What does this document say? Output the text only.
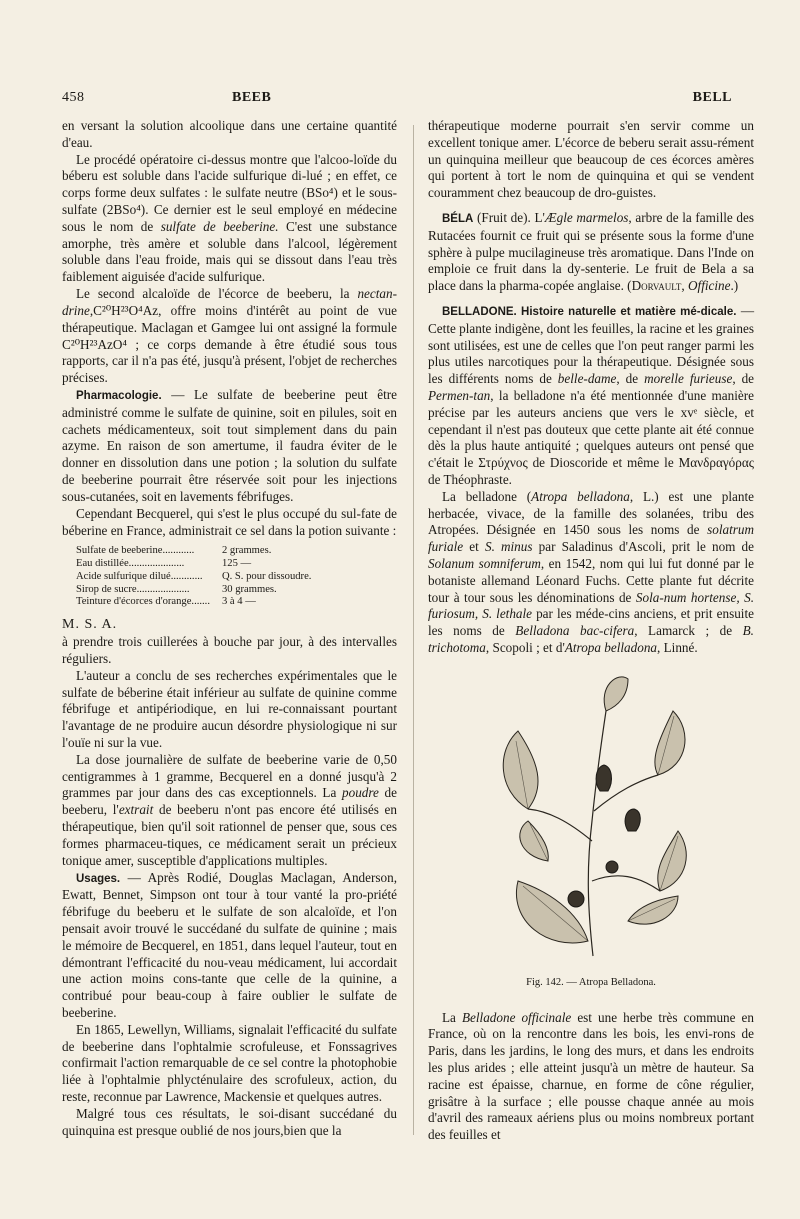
458	BEEB	BELL

en versant la solution alcoolique dans une certaine quantité d'eau.

Le procédé opératoire ci-dessus montre que l'alcoo-loïde du béberu est soluble dans l'acide sulfurique di-lué ; en effet, ce corps forme deux sulfates : le sulfate neutre (BSo⁴) et le sous-sulfate (2BSo⁴). Ce dernier est le seul employé en médecine sous le nom de sulfate de beeberine. C'est une substance amorphe, très amère et soluble dans l'alcool, légèrement soluble dans l'eau froide, mais qui se dissout dans l'eau très faiblement aiguisée d'acide sulfurique.

Le second alcaloïde de l'écorce de beeberu, la nectan-drine,C²⁰H²³O⁴Az, offre moins d'intérêt au point de vue thérapeutique. Maclagan et Gamgee lui ont assigné la formule C²⁰H²³AzO⁴ ; ce corps demande à être étudié sous tous rapports, car il n'a pas été, jusqu'à présent, l'objet de recherches précises.

Pharmacologie. — Le sulfate de beeberine peut être administré comme le sulfate de quinine, soit en pilules, soit en cachets médicamenteux, soit tout simplement dans du pain azyme. En raison de son amertume, il faudra éviter de le donner en dissolution dans une potion ; la solution du sulfate de beeberine pourrait être réservée soit pour les injections sous-cutanées, soit en lavements fébrifuges.

Cependant Becquerel, qui s'est le plus occupé du sul-fate de béberine en France, administrait ce sel dans la potion suivante :

Sulfate de beeberine............	2 grammes.
Eau distillée.....................	125 —
Acide sulfurique dilué............	Q. S. pour dissoudre.
Sirop de sucre....................	30 grammes.
Teinture d'écorces d'orange.......	3 à 4 —
M. S. A.

à prendre trois cuillerées à bouche par jour, à des intervalles réguliers.

L'auteur a conclu de ses recherches expérimentales que le sulfate de béberine était inférieur au sulfate de quinine comme fébrifuge et antipériodique, en lui re-connaissant pourtant l'avantage de ne produire aucun désordre physiologique ni sur l'ouïe ni sur la vue.

La dose journalière de sulfate de beeberine varie de 0,50 centigrammes à 1 gramme, Becquerel en a donné jusqu'à 2 grammes par jour dans des cas exceptionnels. La poudre de beeberu, l'extrait de beeberu n'ont pas encore été utilisés en thérapeutique, bien qu'il soit rationnel de penser que, sous ces formes pharmaceu-tiques, ce médicament serait un précieux tonique amer, susceptible d'applications multiples.

Usages. — Après Rodié, Douglas Maclagan, Anderson, Ewatt, Bennet, Simpson ont tour à tour vanté la pro-priété fébrifuge du beeberu et le sulfate de son alcaloïde, et l'on pensait avoir trouvé le succédané du sulfate de quinine ; mais le mémoire de Becquerel, en 1851, dans lequel l'auteur, tout en démontrant l'efficacité du nou-veau médicament, lui accordait une action moins cons-tante que celle de la quinine, a contribué pour beau-coup à faire oublier le sulfate de beeberine.

En 1865, Lewellyn, Williams, signalait l'efficacité du sulfate de beeberine dans l'ophtalmie scrofuleuse, et Fonssagrives confirmait l'action remarquable de ce sel contre la photophobie liée à l'ophtalmie phlycténulaire des scrofuleux, action, du reste, reconnue par Lawrence, Mackensie et quelques autres.

Malgré tous ces résultats, le soi-disant succédané du quinquina est presque oublié de nos jours,bien que la

thérapeutique moderne pourrait s'en servir comme un excellent tonique amer. L'écorce de beberu serait assu-rément un quinquina meilleur que beaucoup de ces écorces amères qui portent à tort le nom de quinquina et qui se vendent couramment chez beaucoup de dro-guistes.

BÉLA (Fruit de). L'Ægle marmelos, arbre de la famille des Rutacées fournit ce fruit qui se présente sous la forme d'une sphère à pulpe mucilagineuse très aromatique. Dans l'Inde on emploie ce fruit dans la dy-senterie. Le fruit de Bela a sa place dans la pharma-copée anglaise. (Dorvault, Officine.)

BELLADONE. Histoire naturelle et matière mé-dicale. — Cette plante indigène, dont les feuilles, la racine et les graines sont utilisées, est une de celles que l'on peut ranger parmi les plus utiles narcotiques pour la thérapeutique. Désignée sous les différents noms de belle-dame, de morelle furieuse, de Permen-tan, la belladone n'a été mentionnée d'une manière précise par les auteurs anciens que vers le xvᵉ siècle, et cependant il n'est pas douteux que cette plante ait été connue dès la plus haute antiquité ; quelques auteurs ont pensé que c'était le Στρύχνος de Dioscoride et même le Μανδραγόρας de Théophraste.

La belladone (Atropa belladona, L.) est une plante herbacée, vivace, de la famille des solanées, tribu des Atropées. Désignée en 1450 sous les noms de solatrum furiale et S. minus par Saladinus d'Ascoli, prit le nom de Solanum somniferum, en 1542, nom qui lui fut donné par le botaniste allemand Léonard Fuchs. Cette plante fut décrite tour à tour sous les dénominations de Sola-num hortense, S. furiosum, S. lethale par les méde-cins anciens, et prit ensuite les noms de Belladona bac-cifera, Lamarck ; de B. trichotoma, Scopoli ; et d'Atropa belladona, Linné.

Fig. 142. — Atropa Belladona.

La Belladone officinale est une herbe très commune en France, où on la rencontre dans les bois, les envi-rons de Paris, dans les jardins, le long des murs, et dans les endroits les plus arides ; elle atteint jusqu'à un mètre de hauteur. Sa racine est épaisse, charnue, en forme de cône régulier, grisâtre à la surface ; elle pousse chaque année au mois d'avril des rameaux aériens plus ou moins nombreux portant des feuilles et
